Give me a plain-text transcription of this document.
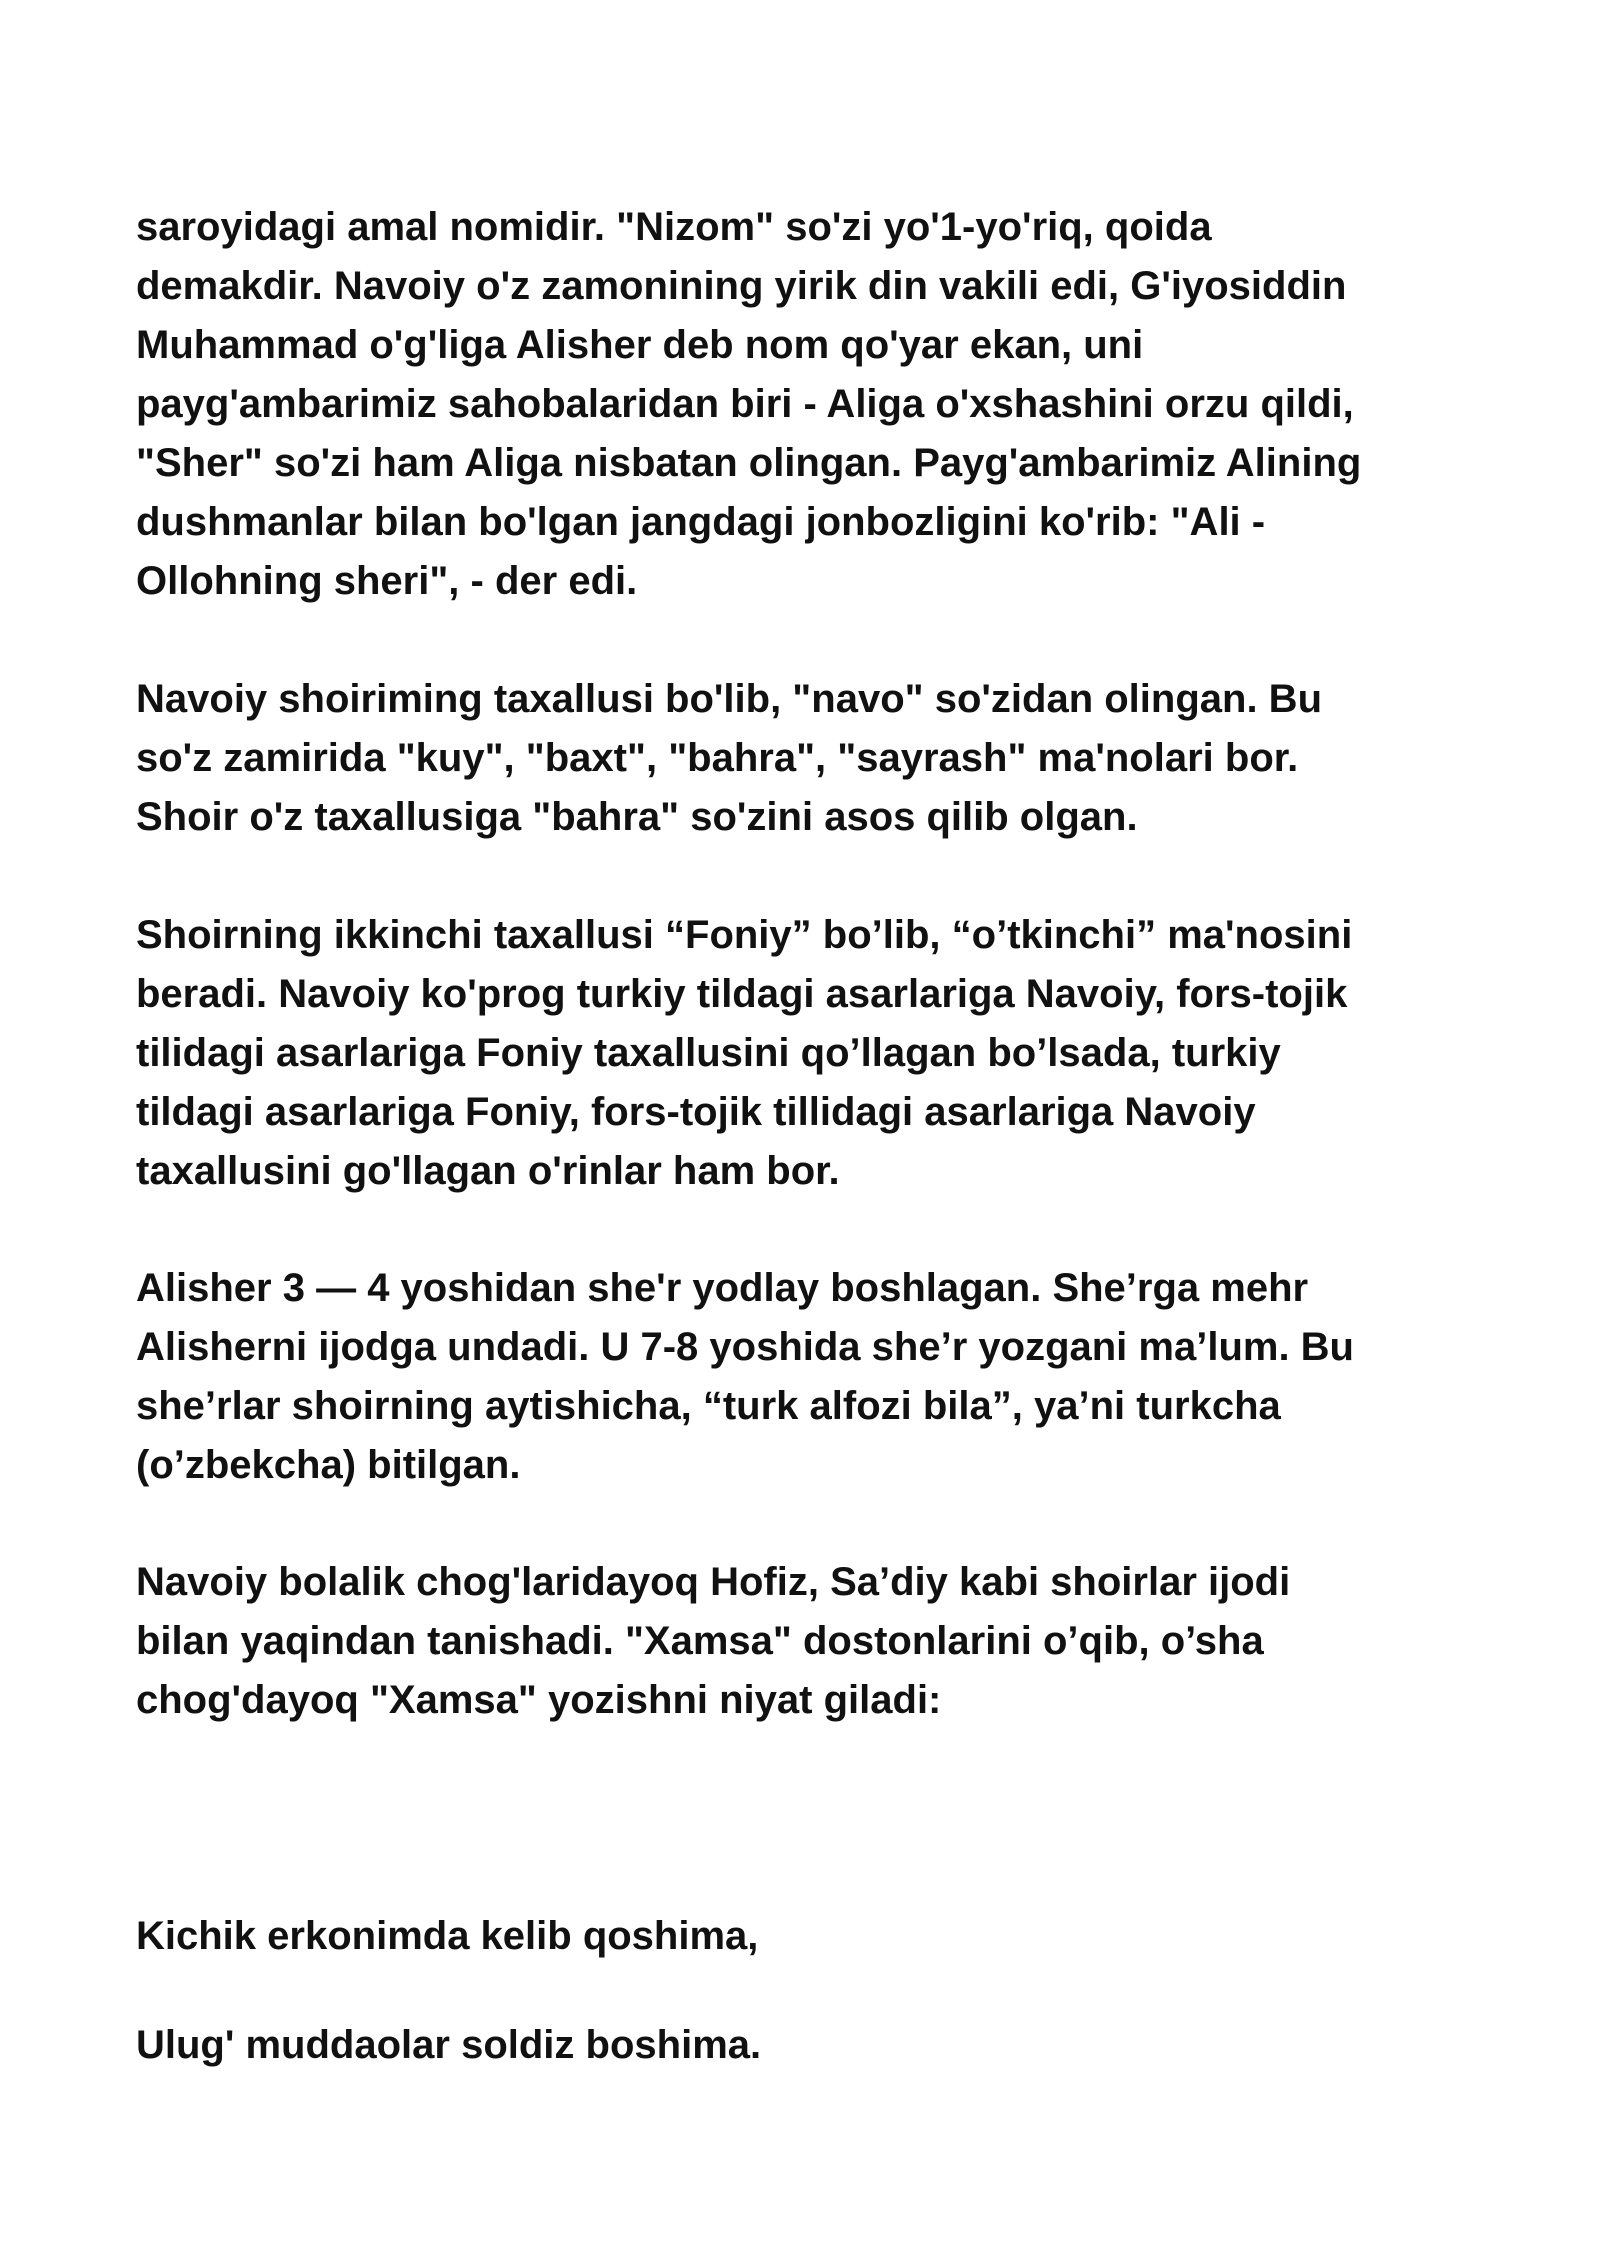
saroyidagi amal nomidir. "Nizom" so'zi yo'1-yo'riq, qoida
demakdir. Navoiy o'z zamonining yirik din vakili edi, G'iyosiddin
Muhammad o'g'liga Alisher deb nom qo'yar ekan, uni
payg'ambarimiz sahobalaridan biri - Aliga o'xshashini orzu qildi,
"Sher" so'zi ham Aliga nisbatan olingan. Payg'ambarimiz Alining
dushmanlar bilan bo'lgan jangdagi jonbozligini ko'rib: "Ali -
Ollohning sheri", - der edi.
Navoiy shoiriming taxallusi bo'lib, "navo" so'zidan olingan. Bu
so'z zamirida "kuy", "baxt", "bahra", "sayrash" ma'nolari bor.
Shoir o'z taxallusiga "bahra" so'zini asos qilib olgan.
Shoirning ikkinchi taxallusi “Foniy” bo’lib, “o’tkinchi” ma'nosini
beradi. Navoiy ko'prog turkiy tildagi asarlariga Navoiy, fors-tojik
tilidagi asarlariga Foniy taxallusini qo’llagan bo’lsada, turkiy
tildagi asarlariga Foniy, fors-tojik tillidagi asarlariga Navoiy
taxallusini go'llagan o'rinlar ham bor.
Alisher 3 — 4 yoshidan she'r yodlay boshlagan. She’rga mehr
Alisherni ijodga undadi. U 7-8 yoshida she’r yozgani ma’lum. Bu
she’rlar shoirning aytishicha, “turk alfozi bila”, ya’ni turkcha
(o’zbekcha) bitilgan.
Navoiy bolalik chog'laridayoq Hofiz, Sa’diy kabi shoirlar ijodi
bilan yaqindan tanishadi. "Xamsa" dostonlarini o’qib, o’sha
chog'dayoq "Xamsa" yozishni niyat giladi:
Kichik erkonimda kelib qoshima,
Ulug' muddaolar soldiz boshima.
